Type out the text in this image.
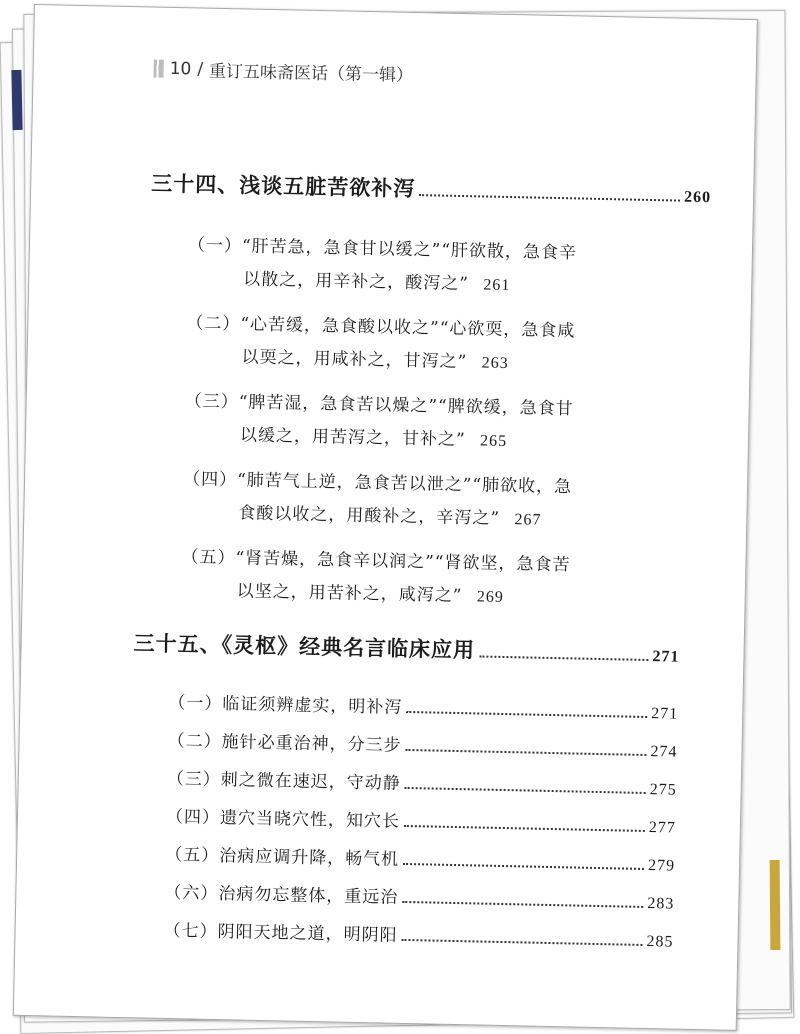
10 / 重订五味斋医话（第一辑）
三十四、浅谈五脏苦欲补泻	260
（一）“肝苦急，急食甘以缓之”“肝欲散，急食辛
以散之，用辛补之，酸泻之” 261
（二）“心苦缓，急食酸以收之”“心欲耎，急食咸
以耎之，用咸补之，甘泻之” 263
（三）“脾苦湿，急食苦以燥之”“脾欲缓，急食甘
以缓之，用苦泻之，甘补之” 265
（四）“肺苦气上逆，急食苦以泄之”“肺欲收，急
食酸以收之，用酸补之，辛泻之” 267
（五）“肾苦燥，急食辛以润之”“肾欲坚，急食苦
以坚之，用苦补之，咸泻之” 269
三十五、《灵枢》经典名言临床应用	271
（一）临证须辨虚实，明补泻	271
（二）施针必重治神，分三步	274
（三）刺之微在速迟，守动静	275
（四）遗穴当晓穴性，知穴长	277
（五）治病应调升降，畅气机	279
（六）治病勿忘整体，重远治	283
（七）阴阳天地之道，明阴阳	285
